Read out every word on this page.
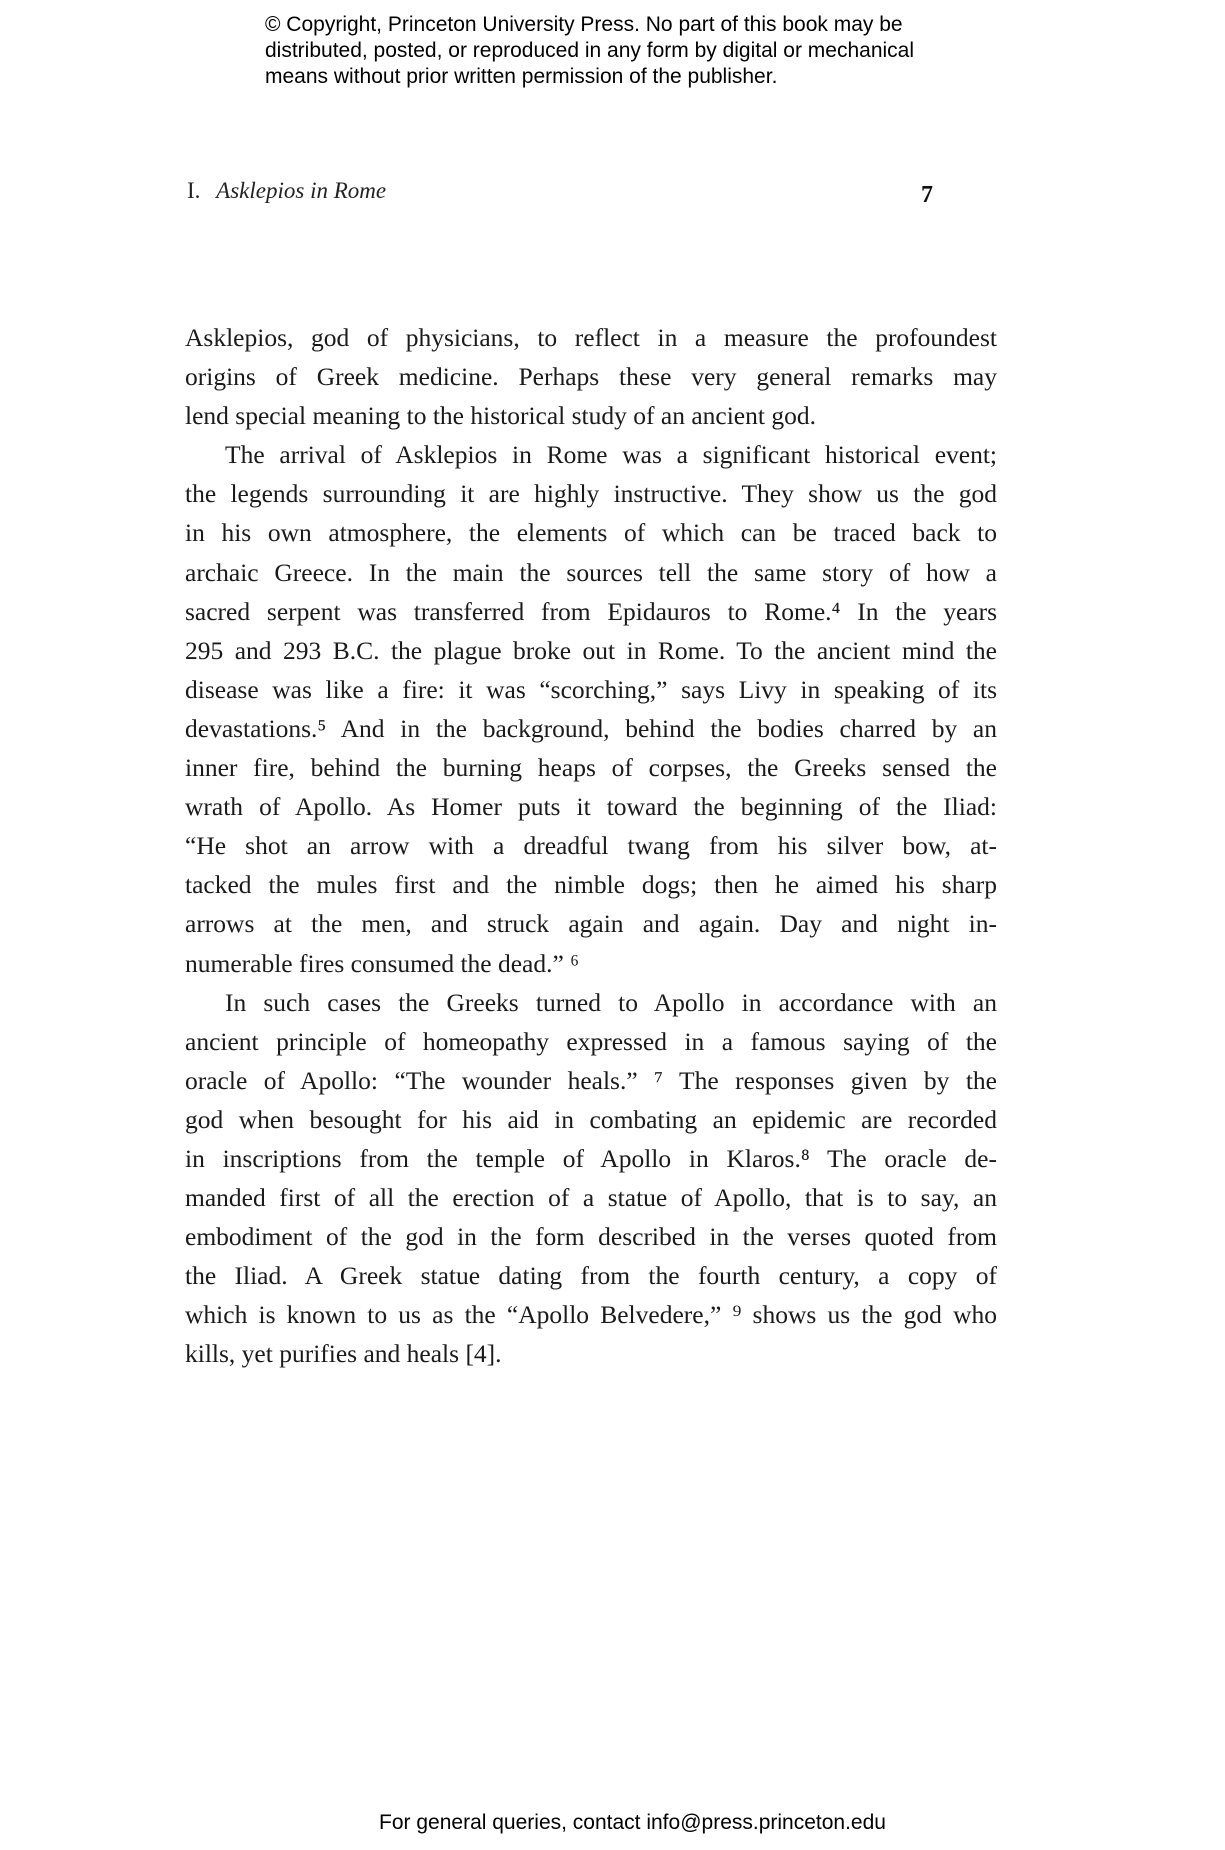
© Copyright, Princeton University Press. No part of this book may be
distributed, posted, or reproduced in any form by digital or mechanical
means without prior written permission of the publisher.
I. Asklepios in Rome	7
Asklepios, god of physicians, to reflect in a measure the profoundest
origins of Greek medicine. Perhaps these very general remarks may
lend special meaning to the historical study of an ancient god.
The arrival of Asklepios in Rome was a significant historical event;
the legends surrounding it are highly instructive. They show us the god
in his own atmosphere, the elements of which can be traced back to
archaic Greece. In the main the sources tell the same story of how a
sacred serpent was transferred from Epidauros to Rome.⁴ In the years
295 and 293 B.C. the plague broke out in Rome. To the ancient mind the
disease was like a fire: it was “scorching,” says Livy in speaking of its
devastations.⁵ And in the background, behind the bodies charred by an
inner fire, behind the burning heaps of corpses, the Greeks sensed the
wrath of Apollo. As Homer puts it toward the beginning of the Iliad:
“He shot an arrow with a dreadful twang from his silver bow, at-
tacked the mules first and the nimble dogs; then he aimed his sharp
arrows at the men, and struck again and again. Day and night in-
numerable fires consumed the dead.” ⁶
In such cases the Greeks turned to Apollo in accordance with an
ancient principle of homeopathy expressed in a famous saying of the
oracle of Apollo: “The wounder heals.” ⁷ The responses given by the
god when besought for his aid in combating an epidemic are recorded
in inscriptions from the temple of Apollo in Klaros.⁸ The oracle de-
manded first of all the erection of a statue of Apollo, that is to say, an
embodiment of the god in the form described in the verses quoted from
the Iliad. A Greek statue dating from the fourth century, a copy of
which is known to us as the “Apollo Belvedere,” ⁹ shows us the god who
kills, yet purifies and heals [4].
For general queries, contact info@press.princeton.edu
